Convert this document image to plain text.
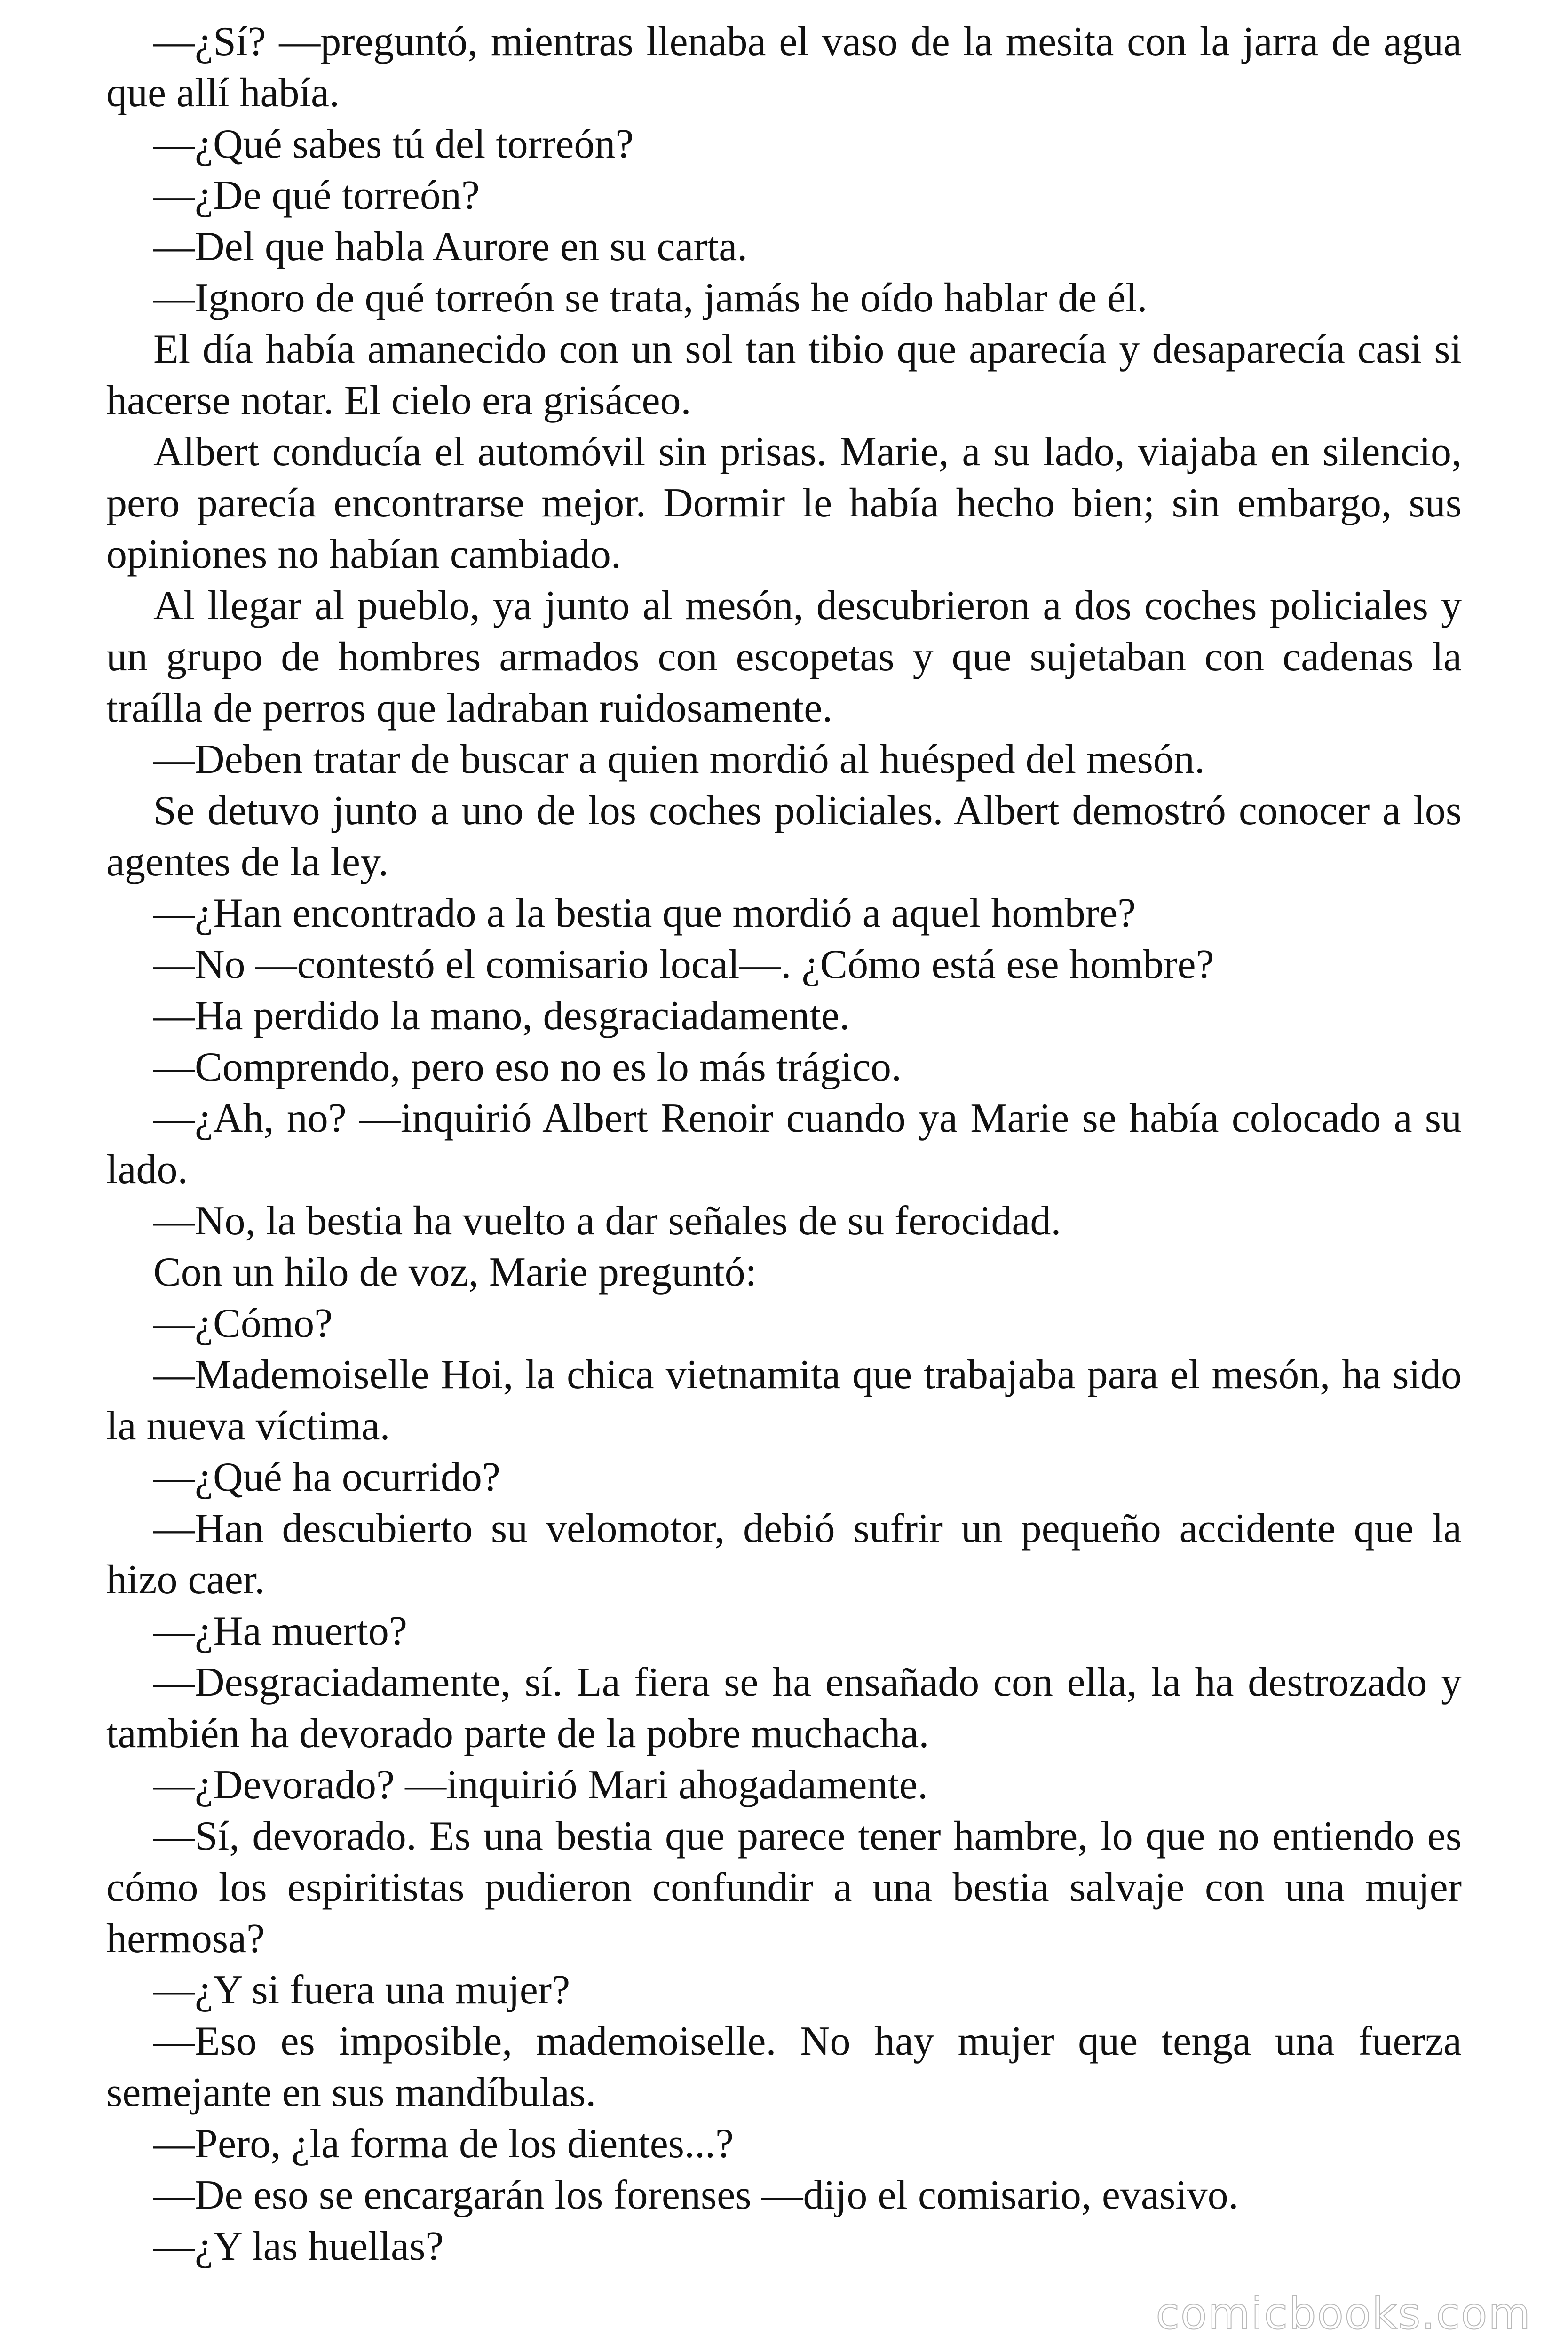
—¿Sí? —preguntó, mientras llenaba el vaso de la mesita con la jarra de agua que allí había.

—¿Qué sabes tú del torreón?

—¿De qué torreón?

—Del que habla Aurore en su carta.

—Ignoro de qué torreón se trata, jamás he oído hablar de él.

El día había amanecido con un sol tan tibio que aparecía y desaparecía casi si hacerse notar. El cielo era grisáceo.

Albert conducía el automóvil sin prisas. Marie, a su lado, viajaba en silencio, pero parecía encontrarse mejor. Dormir le había hecho bien; sin embargo, sus opiniones no habían cambiado.

Al llegar al pueblo, ya junto al mesón, descubrieron a dos coches policiales y un grupo de hombres armados con escopetas y que sujetaban con cadenas la traílla de perros que ladraban ruidosamente.

—Deben tratar de buscar a quien mordió al huésped del mesón.

Se detuvo junto a uno de los coches policiales. Albert demostró conocer a los agentes de la ley.

—¿Han encontrado a la bestia que mordió a aquel hombre?

—No —contestó el comisario local—. ¿Cómo está ese hombre?

—Ha perdido la mano, desgraciadamente.

—Comprendo, pero eso no es lo más trágico.

—¿Ah, no? —inquirió Albert Renoir cuando ya Marie se había colocado a su lado.

—No, la bestia ha vuelto a dar señales de su ferocidad.

Con un hilo de voz, Marie preguntó:

—¿Cómo?

—Mademoiselle Hoi, la chica vietnamita que trabajaba para el mesón, ha sido la nueva víctima.

—¿Qué ha ocurrido?

—Han descubierto su velomotor, debió sufrir un pequeño accidente que la hizo caer.

—¿Ha muerto?

—Desgraciadamente, sí. La fiera se ha ensañado con ella, la ha destrozado y también ha devorado parte de la pobre muchacha.

—¿Devorado? —inquirió Mari ahogadamente.

—Sí, devorado. Es una bestia que parece tener hambre, lo que no entiendo es cómo los espiritistas pudieron confundir a una bestia salvaje con una mujer hermosa?

—¿Y si fuera una mujer?

—Eso es imposible, mademoiselle. No hay mujer que tenga una fuerza semejante en sus mandíbulas.

—Pero, ¿la forma de los dientes...?

—De eso se encargarán los forenses —dijo el comisario, evasivo.

—¿Y las huellas?

comicbooks.com
